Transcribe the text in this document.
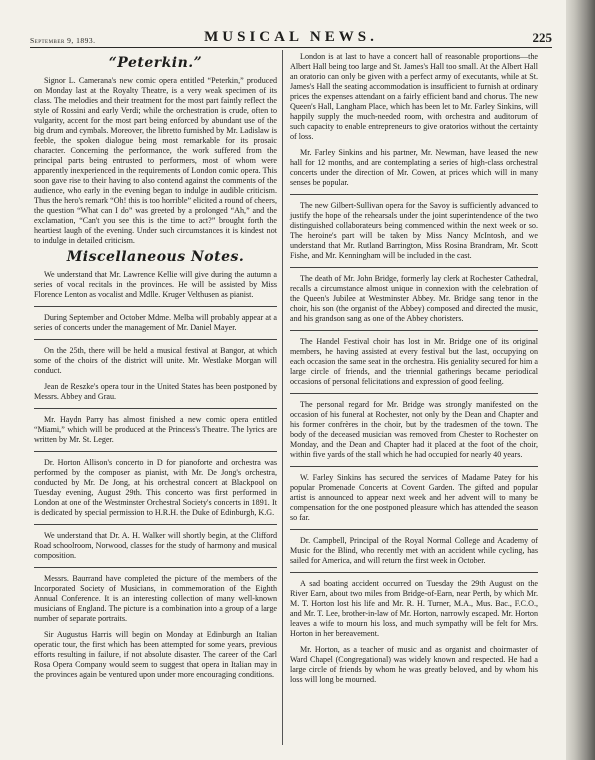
September 9, 1893.	MUSICAL NEWS.	225
“Peterkin.”

Signor L. Camerana's new comic opera entitled “Peterkin,” produced on Monday last at the Royalty Theatre, is a very weak specimen of its class. The melodies and their treatment for the most part faintly reflect the style of Rossini and early Verdi; while the orchestration is crude, often to vulgarity, accent for the most part being enforced by abundant use of the big drum and cymbals. Moreover, the libretto furnished by Mr. Ladislaw is feeble, the spoken dialogue being most remarkable for its prosaic character. Concerning the performance, the work suffered from the principal parts being entrusted to performers, most of whom were apparently inexperienced in the requirements of London comic opera. This soon gave rise to their having to also contend against the comments of the audience, who early in the evening began to indulge in audible criticism. Thus the hero's remark “Oh! this is too horrible” elicited a round of cheers, the question “What can I do” was greeted by a prolonged “Ah,” and the exclamation, “Can't you see this is the time to act?” brought forth the heartiest laugh of the evening. Under such circumstances it is kindest not to indulge in detailed criticism.

Miscellaneous Notes.

We understand that Mr. Lawrence Kellie will give during the autumn a series of vocal recitals in the provinces. He will be assisted by Miss Florence Lenton as vocalist and Mdlle. Kruger Velthusen as pianist.

During September and October Mdme. Melba will probably appear at a series of concerts under the management of Mr. Daniel Mayer.

On the 25th, there will be held a musical festival at Bangor, at which some of the choirs of the district will unite. Mr. Westlake Morgan will conduct.

Jean de Reszke's opera tour in the United States has been postponed by Messrs. Abbey and Grau.

Mr. Haydn Parry has almost finished a new comic opera entitled “Miami,” which will be produced at the Princess's Theatre. The lyrics are written by Mr. St. Leger.

Dr. Horton Allison's concerto in D for pianoforte and orchestra was performed by the composer as pianist, with Mr. De Jong's orchestra, conducted by Mr. De Jong, at his orchestral concert at Blackpool on Tuesday evening, August 29th. This concerto was first performed in London at one of the Westminster Orchestral Society's concerts in 1891. It is dedicated by special permission to H.R.H. the Duke of Edinburgh, K.G.

We understand that Dr. A. H. Walker will shortly begin, at the Clifford Road schoolroom, Norwood, classes for the study of harmony and musical composition.

Messrs. Baurrand have completed the picture of the members of the Incorporated Society of Musicians, in commemoration of the Eighth Annual Conference. It is an interesting collection of many well-known musicians of England. The picture is a combination into a group of a large number of separate portraits.

Sir Augustus Harris will begin on Monday at Edinburgh an Italian operatic tour, the first which has been attempted for some years, previous efforts resulting in failure, if not absolute disaster. The career of the Carl Rosa Opera Company would seem to suggest that opera in Italian may in the provinces again be ventured upon under more encouraging conditions.

London is at last to have a concert hall of reasonable proportions—the Albert Hall being too large and St. James's Hall too small. At the Albert Hall an oratorio can only be given with a perfect army of executants, while at St. James's Hall the seating accommodation is insufficient to furnish at ordinary prices the expenses attendant on a fairly efficient band and chorus. The new Queen's Hall, Langham Place, which has been let to Mr. Farley Sinkins, will happily supply the much-needed room, with orchestra and auditorum of such capacity to enable entrepreneurs to give oratorios without the certainty of loss.

Mr. Farley Sinkins and his partner, Mr. Newman, have leased the new hall for 12 months, and are contemplating a series of high-class orchestral concerts under the direction of Mr. Cowen, at prices which will in many senses be popular.

The new Gilbert-Sullivan opera for the Savoy is sufficiently advanced to justify the hope of the rehearsals under the joint superintendence of the two distinguished collaborateurs being commenced within the next week or so. The heroine's part will be taken by Miss Nancy McIntosh, and we understand that Mr. Rutland Barrington, Miss Rosina Brandram, Mr. Scott Fishe, and Mr. Kenningham will be included in the cast.

The death of Mr. John Bridge, formerly lay clerk at Rochester Cathedral, recalls a circumstance almost unique in connexion with the celebration of the Queen's Jubilee at Westminster Abbey. Mr. Bridge sang tenor in the choir, his son (the organist of the Abbey) composed and directed the music, and his grandson sang as one of the Abbey choristers.

The Handel Festival choir has lost in Mr. Bridge one of its original members, he having assisted at every festival but the last, occupying on each occasion the same seat in the orchestra. His geniality secured for him a large circle of friends, and the triennial gatherings became periodical occasions of personal felicitations and expression of good feeling.

The personal regard for Mr. Bridge was strongly manifested on the occasion of his funeral at Rochester, not only by the Dean and Chapter and his former confrères in the choir, but by the tradesmen of the town. The body of the deceased musician was removed from Chester to Rochester on Monday, and the Dean and Chapter had it placed at the foot of the choir, within five yards of the stall which he had occupied for nearly 40 years.

W. Farley Sinkins has secured the services of Madame Patey for his popular Promenade Concerts at Covent Garden. The gifted and popular artist is announced to appear next week and her advent will to many be compensation for the one postponed pleasure which has attended the season so far.

Dr. Campbell, Principal of the Royal Normal College and Academy of Music for the Blind, who recently met with an accident while cycling, has sailed for America, and will return the first week in October.

A sad boating accident occurred on Tuesday the 29th August on the River Earn, about two miles from Bridge-of-Earn, near Perth, by which Mr. M. T. Horton lost his life and Mr. R. H. Turner, M.A., Mus. Bac., F.C.O., and Mr. T. Lee, brother-in-law of Mr. Horton, narrowly escaped. Mr. Horton leaves a wife to mourn his loss, and much sympathy will be felt for Mrs. Horton in her bereavement.

Mr. Horton, as a teacher of music and as organist and choirmaster of Ward Chapel (Congregational) was widely known and respected. He had a large circle of friends by whom he was greatly beloved, and by whom his loss will long be mourned.
